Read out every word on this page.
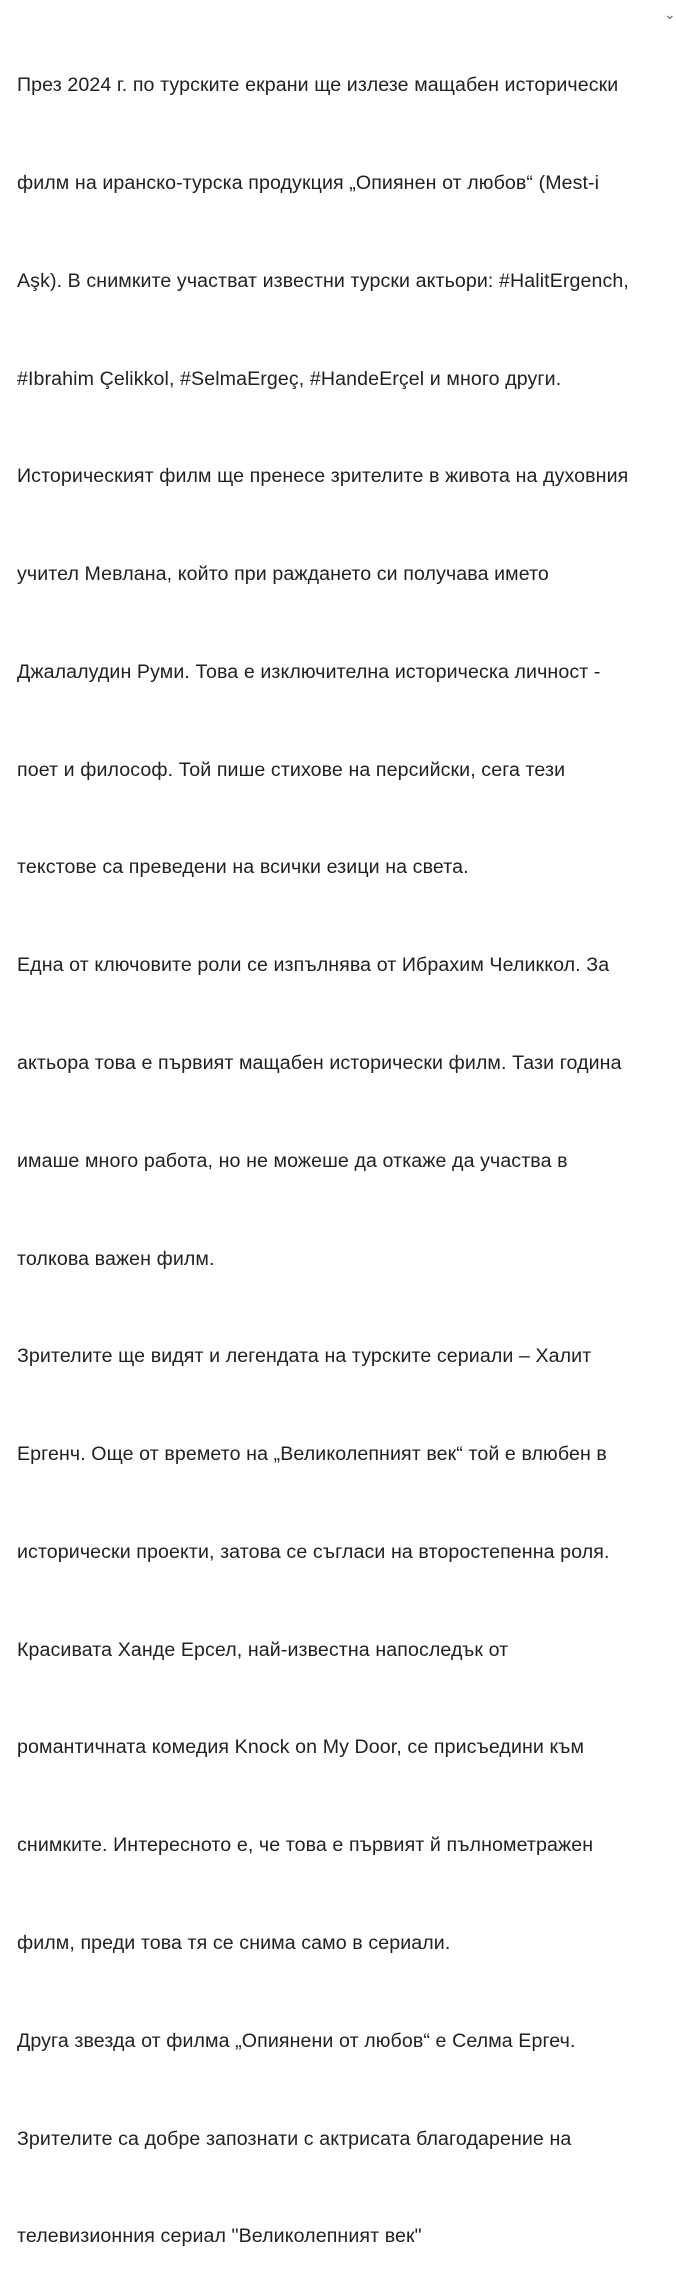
През 2024 г. по турските екрани ще излезе мащабен исторически

филм на иранско-турска продукция „Опиянен от любов“ (Mest-i

Aşk). В снимките участват известни турски актьори: #HalitErgench,

#Ibrahim Çelikkol, #SelmaErgeç, #HandeErçel и много други.

Историческият филм ще пренесе зрителите в живота на духовния

учител Мевлана, който при раждането си получава името

Джалалудин Руми. Това е изключителна историческа личност -

поет и философ. Той пише стихове на персийски, сега тези

текстове са преведени на всички езици на света.

Една от ключовите роли се изпълнява от Ибрахим Челиккол. За

актьора това е първият мащабен исторически филм. Тази година

имаше много работа, но не можеше да откаже да участва в

толкова важен филм.

Зрителите ще видят и легендата на турските сериали – Халит

Ергенч. Още от времето на „Великолепният век“ той е влюбен в

исторически проекти, затова се съгласи на второстепенна роля.

Красивата Ханде Ерсел, най-известна напоследък от

романтичната комедия Knock on My Door, се присъедини към

снимките. Интересното е, че това е първият й пълнометражен

филм, преди това тя се снима само в сериали.

Друга звезда от филма „Опиянени от любов“ е Селма Ергеч.

Зрителите са добре запознати с актрисата благодарение на

телевизионния сериал "Великолепният век"

⌄
